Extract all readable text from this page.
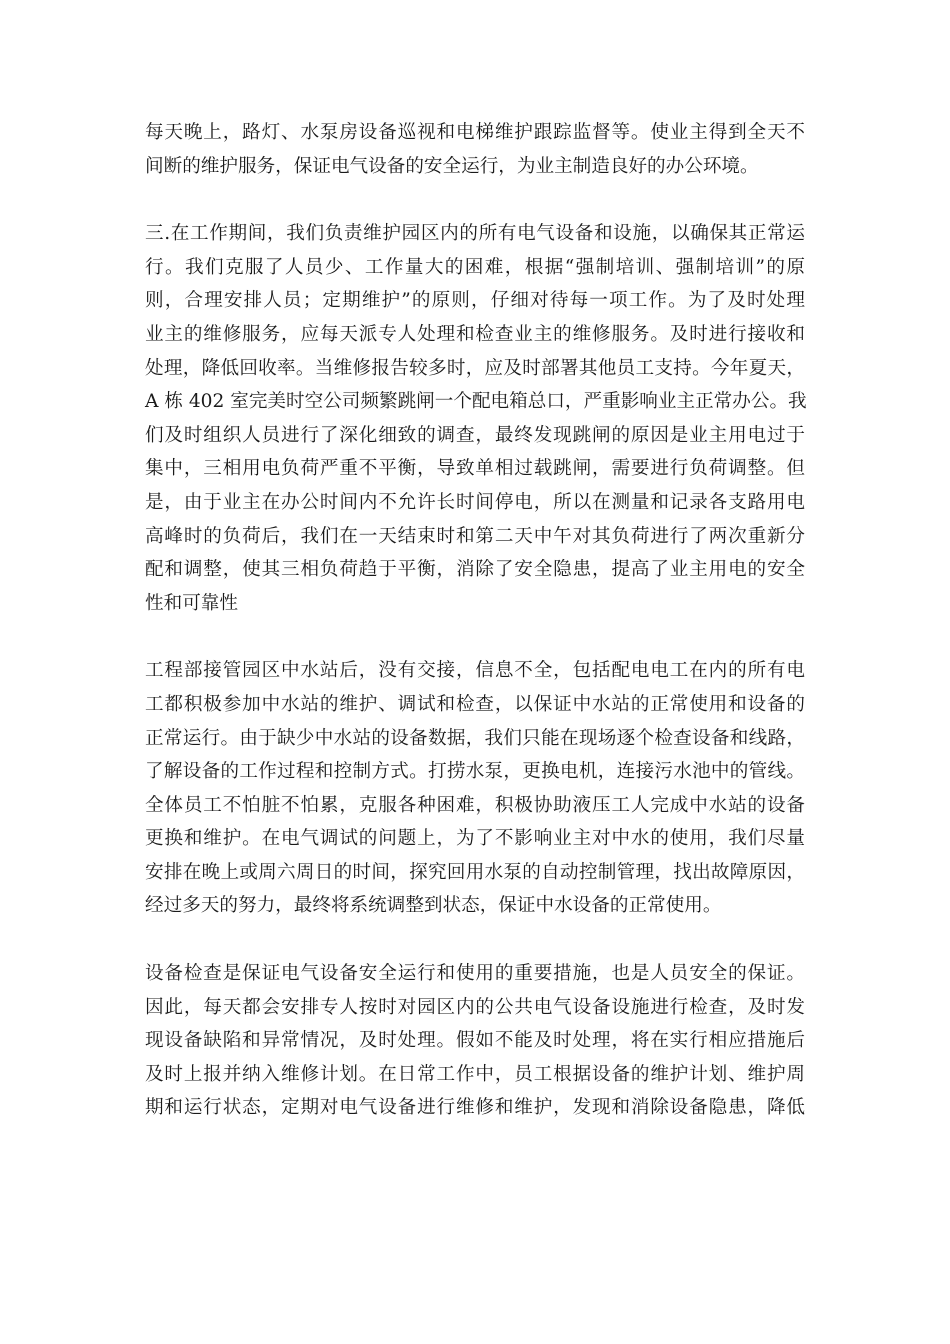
每天晚上，路灯、水泵房设备巡视和电梯维护跟踪监督等。使业主得到全天不
间断的维护服务，保证电气设备的安全运行，为业主制造良好的办公环境。

三.在工作期间，我们负责维护园区内的所有电气设备和设施，以确保其正常运
行。我们克服了人员少、工作量大的困难，根据“强制培训、强制培训”的原
则，合理安排人员；定期维护”的原则，仔细对待每一项工作。为了及时处理
业主的维修服务，应每天派专人处理和检查业主的维修服务。及时进行接收和
处理，降低回收率。当维修报告较多时，应及时部署其他员工支持。今年夏天，
A 栋 402 室完美时空公司频繁跳闸一个配电箱总口，严重影响业主正常办公。我
们及时组织人员进行了深化细致的调查，最终发现跳闸的原因是业主用电过于
集中，三相用电负荷严重不平衡，导致单相过载跳闸，需要进行负荷调整。但
是，由于业主在办公时间内不允许长时间停电，所以在测量和记录各支路用电
高峰时的负荷后，我们在一天结束时和第二天中午对其负荷进行了两次重新分
配和调整，使其三相负荷趋于平衡，消除了安全隐患，提高了业主用电的安全
性和可靠性

工程部接管园区中水站后，没有交接，信息不全，包括配电电工在内的所有电
工都积极参加中水站的维护、调试和检查，以保证中水站的正常使用和设备的
正常运行。由于缺少中水站的设备数据，我们只能在现场逐个检查设备和线路，
了解设备的工作过程和控制方式。打捞水泵，更换电机，连接污水池中的管线。
全体员工不怕脏不怕累，克服各种困难，积极协助液压工人完成中水站的设备
更换和维护。在电气调试的问题上，为了不影响业主对中水的使用，我们尽量
安排在晚上或周六周日的时间，探究回用水泵的自动控制管理，找出故障原因，
经过多天的努力，最终将系统调整到状态，保证中水设备的正常使用。

设备检查是保证电气设备安全运行和使用的重要措施，也是人员安全的保证。
因此，每天都会安排专人按时对园区内的公共电气设备设施进行检查，及时发
现设备缺陷和异常情况，及时处理。假如不能及时处理，将在实行相应措施后
及时上报并纳入维修计划。在日常工作中，员工根据设备的维护计划、维护周
期和运行状态，定期对电气设备进行维修和维护，发现和消除设备隐患，降低
